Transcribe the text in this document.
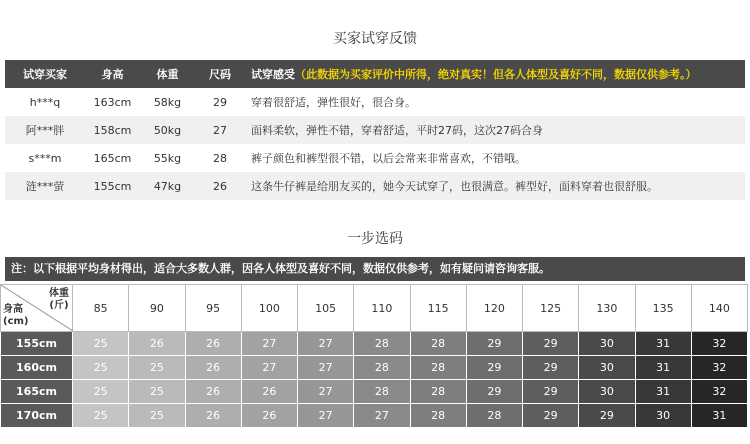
买家试穿反馈
试穿买家	身高	体重	尺码	试穿感受（此数据为买家评价中所得，绝对真实！但各人体型及喜好不同，数据仅供参考。）
h***q	163cm	58kg	29	穿着很舒适，弹性很好，很合身。
阿***胖	158cm	50kg	27	面料柔软，弹性不错，穿着舒适，平时27码，这次27码合身
s***m	165cm	55kg	28	裤子颜色和裤型很不错，以后会常来非常喜欢，不错哦。
涟***萤	155cm	47kg	26	这条牛仔裤是给朋友买的，她今天试穿了，也很满意。裤型好，面料穿着也很舒服。
一步选码
注：以下根据平均身材得出，适合大多数人群，因各人体型及喜好不同，数据仅供参考，如有疑问请咨询客服。
体重
(斤)
身高
(cm)	85	90	95	100	105	110	115	120	125	130	135	140
155cm	25	26	26	27	27	28	28	29	29	30	31	32
160cm	25	25	26	27	27	28	28	29	29	30	31	32
165cm	25	25	26	26	27	28	28	29	29	30	31	32
170cm	25	25	26	26	27	27	28	28	29	29	30	31
